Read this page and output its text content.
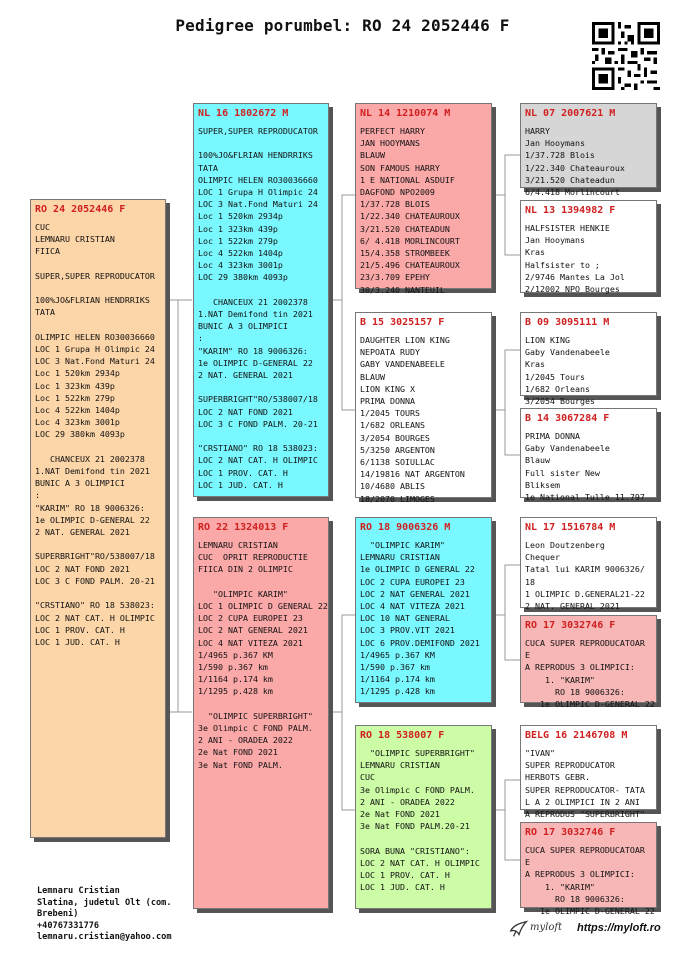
Pedigree porumbel: RO 24 2052446 F
RO 24 2052446 F
CUC
LEMNARU CRISTIAN
FIICA

SUPER,SUPER REPRODUCATOR

100%JO&FLRIAN HENDRRIKS
TATA

OLIMPIC HELEN RO30036660
LOC 1 Grupa H Olimpic 24
LOC 3 Nat.Fond Maturi 24
Loc 1 520km 2934p
Loc 1 323km 439p
Loc 1 522km 279p
Loc 4 522km 1404p
Loc 4 323km 3001p
LOC 29 380km 4093p

CHANCEUX 21 2002378
1.NAT Demifond tin 2021
BUNIC A 3 OLIMPICI
:
"KARIM" RO 18 9006326:
1e OLIMPIC D-GENERAL 22
2 NAT. GENERAL 2021

SUPERBRIGHT"RO/538007/18
LOC 2 NAT FOND 2021
LOC 3 C FOND PALM. 20-21

"CRSTIANO" RO 18 538023:
LOC 2 NAT CAT. H OLIMPIC
LOC 1 PROV. CAT. H
LOC 1 JUD. CAT. H
NL 16 1802672 M
SUPER,SUPER REPRODUCATOR

100%JO&FLRIAN HENDRRIKS
TATA
OLIMPIC HELEN RO30036660
LOC 1 Grupa H Olimpic 24
LOC 3 Nat.Fond Maturi 24
Loc 1 520km 2934p
Loc 1 323km 439p
Loc 1 522km 279p
Loc 4 522km 1404p
Loc 4 323km 3001p
LOC 29 380km 4093p

CHANCEUX 21 2002378
1.NAT Demifond tin 2021
BUNIC A 3 OLIMPICI
:
"KARIM" RO 18 9006326:
1e OLIMPIC D-GENERAL 22
2 NAT. GENERAL 2021

SUPERBRIGHT"RO/538007/18
LOC 2 NAT FOND 2021
LOC 3 C FOND PALM. 20-21

"CRSTIANO" RO 18 538023:
LOC 2 NAT CAT. H OLIMPIC
LOC 1 PROV. CAT. H
LOC 1 JUD. CAT. H
RO 22 1324013 F
LEMNARU CRISTIAN
CUC  OPRIT REPRODUCTIE
FIICA DIN 2 OLIMPIC

"OLIMPIC KARIM"
LOC 1 OLIMPIC D GENERAL 22
LOC 2 CUPA EUROPEI 23
LOC 2 NAT GENERAL 2021
LOC 4 NAT VITEZA 2021
1/4965 p.367 KM
1/590 p.367 km
1/1164 p.174 km
1/1295 p.428 km

"OLIMPIC SUPERBRIGHT"
3e Olimpic C FOND PALM.
2 ANI - ORADEA 2022
2e Nat FOND 2021
3e Nat FOND PALM.
NL 14 1210074 M
PERFECT HARRY
JAN HOOYMANS
BLAUW
SON FAMOUS HARRY
1 E NATIONAL ASDUIF
DAGFOND NPO2009
1/37.728 BLOIS
1/22.340 CHATEAUROUX
3/21.520 CHATEADUN
6/ 4.418 MORLINCOURT
15/4.358 STROMBEEK
21/5.496 CHATEAUROUX
23/3.709 EPEHY
30/3.240 NANTEUIL
B 15 3025157 F
DAUGHTER LION KING
NEPOATA RUDY
GABY VANDENABEELE
BLAUW
LION KING X
PRIMA DONNA
1/2045 TOURS
1/682 ORLEANS
3/2054 BOURGES
5/3250 ARGENTON
6/1138 SOIULLAC
14/19816 NAT ARGENTON
10/4680 ABLIS
18/2070 LIMOGES
RO 18 9006326 M
"OLIMPIC KARIM"
LEMNARU CRISTIAN
1e OLIMPIC D GENERAL 22
LOC 2 CUPA EUROPEI 23
LOC 2 NAT GENERAL 2021
LOC 4 NAT VITEZA 2021
LOC 10 NAT GENERAL
LOC 3 PROV.VIT 2021
LOC 6 PROV.DEMIFOND 2021
1/4965 p.367 KM
1/590 p.367 km
1/1164 p.174 km
1/1295 p.428 km
RO 18 538007 F
"OLIMPIC SUPERBRIGHT"
LEMNARU CRISTIAN
CUC
3e Olimpic C FOND PALM.
2 ANI - ORADEA 2022
2e Nat FOND 2021
3e Nat FOND PALM.20-21

SORA BUNA "CRISTIANO":
LOC 2 NAT CAT. H OLIMPIC
LOC 1 PROV. CAT. H
LOC 1 JUD. CAT. H
NL 07 2007621 M
HARRY
Jan Hooymans
1/37.728 Blois
1/22.340 Chateauroux
3/21.520 Chateadun
6/4.418 Morlincourt
NL 13 1394982 F
HALFSISTER HENKIE
Jan Hooymans
Kras
Halfsister to ;
2/9746 Mantes La Jol
2/12002 NPO Bourges
B 09 3095111 M
LION KING
Gaby Vandenabeele
Kras
1/2045 Tours
1/682 Orleans
3/2054 Bourges
B 14 3067284 F
PRIMA DONNA
Gaby Vandenabeele
Blauw
Full sister New
Bliksem
1e National Tulle 11.797
NL 17 1516784 M
Leon Doutzenberg
Chequer
Tatal lui KARIM 9006326/
18
1 OLIMPIC D.GENERAL21-22
2 NAT. GENERAL 2021
RO 17 3032746 F
CUCA SUPER REPRODUCATOAR
E
A REPRODUS 3 OLIMPICI:
1. "KARIM"
RO 18 9006326:
1e OLIMPIC D-GENERAL 22
BELG 16 2146708 M
"IVAN"
SUPER REPRODUCATOR
HERBOTS GEBR.
SUPER REPRODUCATOR- TATA
L A 2 OLIMPICI IN 2 ANI
A REPRODUS "SUPERBRIGHT"
RO 17 3032746 F
CUCA SUPER REPRODUCATOAR
E
A REPRODUS 3 OLIMPICI:
1. "KARIM"
RO 18 9006326:
1e OLIMPIC D-GENERAL 22
Lemnaru Cristian
Slatina, judetul Olt (com.
Brebeni)
+40767331776
lemnaru.cristian@yahoo.com
myloft https://myloft.ro
